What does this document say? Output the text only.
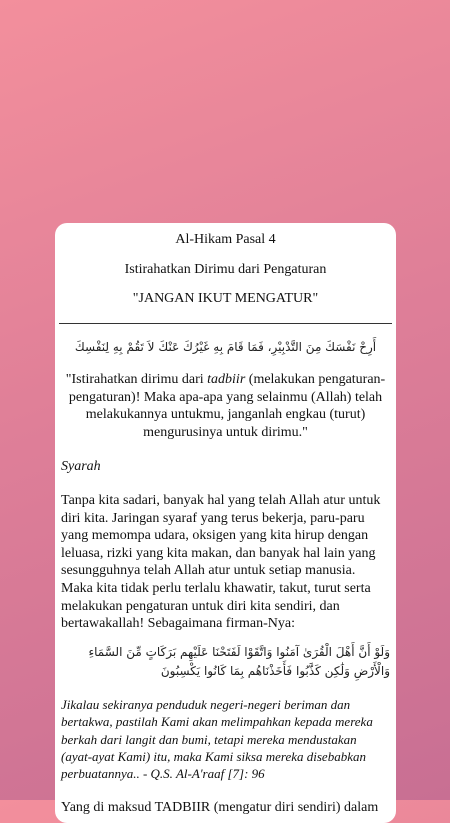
Al-Hikam Pasal 4

Istirahatkan Dirimu dari Pengaturan

"JANGAN IKUT MENGATUR"

أَرِحْ نَفْسَكَ مِنَ التَّدْبِيْرِ، فَمَا قَامَ بِهِ غَيْرُكَ عَنْكَ لاَ تَقُمْ بِهِ لِنَفْسِكَ

"Istirahatkan dirimu dari tadbiir (melakukan pengaturan-pengaturan)! Maka apa-apa yang selainmu (Allah) telah melakukannya untukmu, janganlah engkau (turut) mengurusinya untuk dirimu."

Syarah

Tanpa kita sadari, banyak hal yang telah Allah atur untuk diri kita. Jaringan syaraf yang terus bekerja, paru-paru yang memompa udara, oksigen yang kita hirup dengan leluasa, rizki yang kita makan, dan banyak hal lain yang sesungguhnya telah Allah atur untuk setiap manusia. Maka kita tidak perlu terlalu khawatir, takut, turut serta melakukan pengaturan untuk diri kita sendiri, dan bertawakallah! Sebagaimana firman-Nya:

وَلَوْ أَنَّ أَهْلَ الْقُرَىٰ آمَنُوا وَاتَّقَوْا لَفَتَحْنَا عَلَيْهِم بَرَكَاتٍ مِّنَ السَّمَاءِ وَالْأَرْضِ وَلَٰكِن كَذَّبُوا فَأَخَذْنَاهُم بِمَا كَانُوا يَكْسِبُونَ

Jikalau sekiranya penduduk negeri-negeri beriman dan bertakwa, pastilah Kami akan melimpahkan kepada mereka berkah dari langit dan bumi, tetapi mereka mendustakan (ayat-ayat Kami) itu, maka Kami siksa mereka disebabkan perbuatannya.. - Q.S. Al-A'raaf [7]: 96

Yang di maksud TADBIIR (mengatur diri sendiri) dalam
